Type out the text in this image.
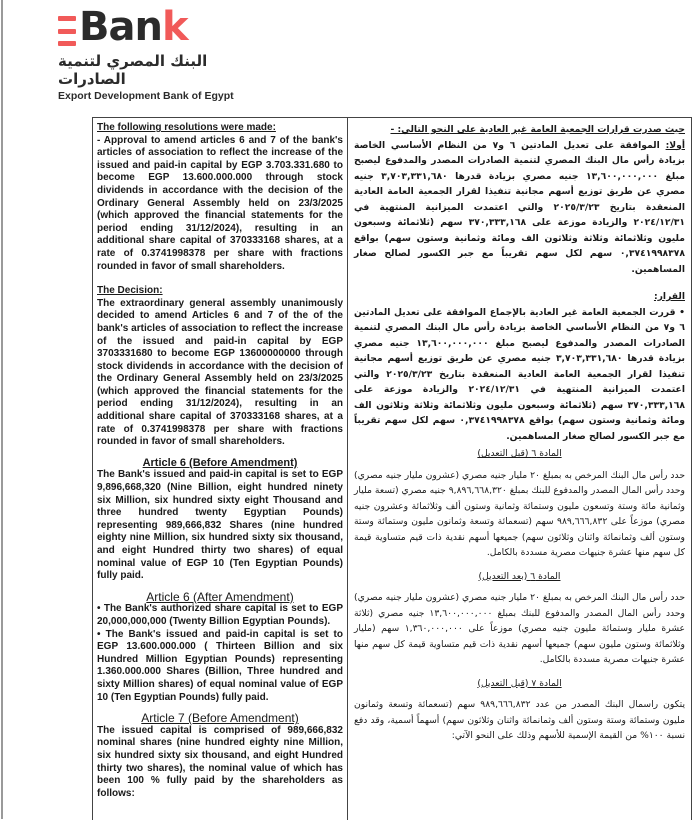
Ban k
البنك المصري لتنمية الصادرات
Export Development Bank of Egypt

The following resolutions were made:

- Approval to amend articles 6 and 7 of the bank's articles of association to reflect the increase of the issued and paid-in capital by EGP 3.703.331.680 to become EGP 13.600.000.000 through stock dividends in accordance with the decision of the Ordinary General Assembly held on 23/3/2025 (which approved the financial statements for the period ending 31/12/2024), resulting in an additional share capital of 370333168 shares, at a rate of 0.3741998378 per share with fractions rounded in favor of small shareholders.

The Decision:

The extraordinary general assembly unanimously decided to amend Articles 6 and 7 of the of the bank's articles of association to reflect the increase of the issued and paid-in capital by EGP 3703331680 to become EGP 13600000000 through stock dividends in accordance with the decision of the Ordinary General Assembly held on 23/3/2025 (which approved the financial statements for the period ending 31/12/2024), resulting in an additional share capital of 370333168 shares, at a rate of 0.3741998378 per share with fractions rounded in favor of small shareholders.

Article 6 (Before Amendment)

The Bank's issued and paid-in capital is set to EGP 9,896,668,320 (Nine Billion, eight hundred ninety six Million, six hundred sixty eight Thousand and three hundred twenty Egyptian Pounds) representing 989,666,832 Shares (nine hundred eighty nine Million, six hundred sixty six thousand, and eight Hundred thirty two shares) of equal nominal value of EGP 10 (Ten Egyptian Pounds) fully paid.

Article 6 (After Amendment)

• The Bank's authorized share capital is set to EGP 20,000,000,000 (Twenty Billion Egyptian Pounds).

• The Bank's issued and paid-in capital is set to EGP 13.600.000.000 ( Thirteen Billion and six Hundred Million Egyptian Pounds) representing 1.360.000.000 Shares (Billion, Three hundred and sixty Million shares) of equal nominal value of EGP 10 (Ten Egyptian Pounds) fully paid.

Article 7 (Before Amendment)

The issued capital is comprised of 989,666,832 nominal shares (nine hundred eighty nine Million, six hundred sixty six thousand, and eight Hundred thirty two shares), the nominal value of which has been 100 % fully paid by the shareholders as follows:

حيث صدرت قرارات الجمعية العامة غير العادية على النحو التالي: -

أولا: الموافقة على تعديل المادتين ٦ و٧ من النظام الأساسي الخاصة بزيادة رأس مال البنك المصري لتنمية الصادرات المصدر والمدفوع ليصبح مبلغ ١٣,٦٠٠,٠٠٠,٠٠٠ جنيه مصري بزيادة قدرها ٣,٧٠٣,٣٣١,٦٨٠ جنيه مصري عن طريق توزيع أسهم مجانية تنفيذا لقرار الجمعية العامة العادية المنعقدة بتاريخ ٢٠٢٥/٣/٢٣ والتي اعتمدت الميزانية المنتهية في ٢٠٢٤/١٢/٣١ والزيادة موزعة على ٣٧٠,٣٣٣,١٦٨ سهم (ثلاثمائة وسبعون مليون وثلاثمائة وثلاثة وثلاثون الف ومائة وثمانية وستون سهم) بواقع ٠,٣٧٤١٩٩٨٣٧٨ سهم لكل سهم تقريباً مع جبر الكسور لصالح صغار المساهمين.

القرار:

• قررت الجمعية العامة غير العادية بالإجماع الموافقة على تعديل المادتين ٦ و٧ من النظام الأساسي الخاصة بزيادة رأس مال البنك المصري لتنمية الصادرات المصدر والمدفوع ليصبح مبلغ ١٣,٦٠٠,٠٠٠,٠٠٠ جنيه مصري بزيادة قدرها ٣,٧٠٣,٣٣١,٦٨٠ جنيه مصري عن طريق توزيع أسهم مجانية تنفيذا لقرار الجمعية العامة العادية المنعقدة بتاريخ ٢٠٢٥/٣/٢٣ والتي اعتمدت الميزانية المنتهية في ٢٠٢٤/١٢/٣١ والزيادة موزعة على ٣٧٠,٣٣٣,١٦٨ سهم (ثلاثمائة وسبعون مليون وثلاثمائة وثلاثة وثلاثون الف ومائة وثمانية وستون سهم) بواقع ٠,٣٧٤١٩٩٨٣٧٨ سهم لكل سهم تقريباً مع جبر الكسور لصالح صغار المساهمين.

المادة ٦ (قبل التعديل)

حدد رأس مال البنك المرخص به بمبلغ ٢٠ مليار جنيه مصري (عشرون مليار جنيه مصري) وحدد رأس المال المصدر والمدفوع للبنك بمبلغ ٩,٨٩٦,٦٦٨,٣٢٠ جنيه مصري (تسعة مليار وثمانية مائة وستة وتسعون مليون وستمائة وثمانية وستون ألف وثلاثمائة وعشرون جنيه مصري) موزعاً على ٩٨٩,٦٦٦,٨٣٢ سهم (تسعمائة وتسعة وثمانون مليون وستمائة وستة وستون ألف وثمانمائة واثنان وثلاثون سهم) جميعها أسهم نقدية ذات قيم متساوية قيمة كل سهم منها عشرة جنيهات مصرية مسددة بالكامل.

المادة ٦ (بعد التعديل)

حدد رأس مال البنك المرخص به بمبلغ ٢٠ مليار جنيه مصري (عشرون مليار جنيه مصري) وحدد رأس المال المصدر والمدفوع للبنك بمبلغ ١٣,٦٠٠,٠٠٠,٠٠٠ جنيه مصري (ثلاثة عشرة مليار وستمائة مليون جنيه مصري) موزعاً على ١,٣٦٠,٠٠٠,٠٠٠ سهم (مليار وثلاثمائة وستون مليون سهم) جميعها أسهم نقدية ذات قيم متساوية قيمة كل سهم منها عشرة جنيهات مصرية مسددة بالكامل.

المادة ٧ (قبل التعديل)

يتكون راسمال البنك المصدر من عدد ٩٨٩,٦٦٦,٨٣٢ سهم (تسعمائة وتسعة وثمانون مليون وستمائة وستة وستون ألف وثمانمائة واثنان وثلاثون سهم) أسهماً أسمية، وقد دفع نسبة ١٠٠% من القيمة الإسمية للأسهم وذلك على النحو الآتي:
